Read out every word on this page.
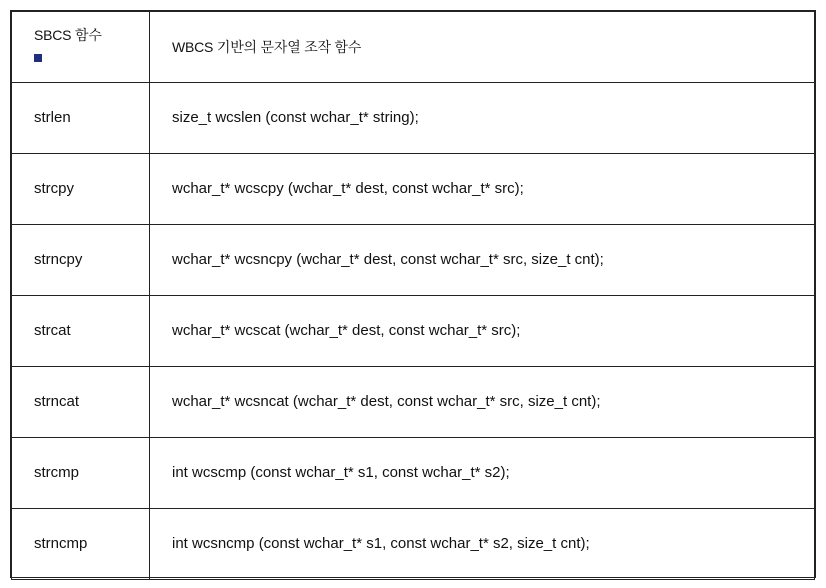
SBCS 함수	WBCS 기반의 문자열 조작 함수

strlen	size_t wcslen (const wchar_t* string);
strcpy	wchar_t* wcscpy (wchar_t* dest, const wchar_t* src);
strncpy	wchar_t* wcsncpy (wchar_t* dest, const wchar_t* src, size_t cnt);
strcat	wchar_t* wcscat (wchar_t* dest, const wchar_t* src);
strncat	wchar_t* wcsncat (wchar_t* dest, const wchar_t* src, size_t cnt);
strcmp	int wcscmp (const wchar_t* s1, const wchar_t* s2);
strncmp	int wcsncmp (const wchar_t* s1, const wchar_t* s2, size_t cnt);
